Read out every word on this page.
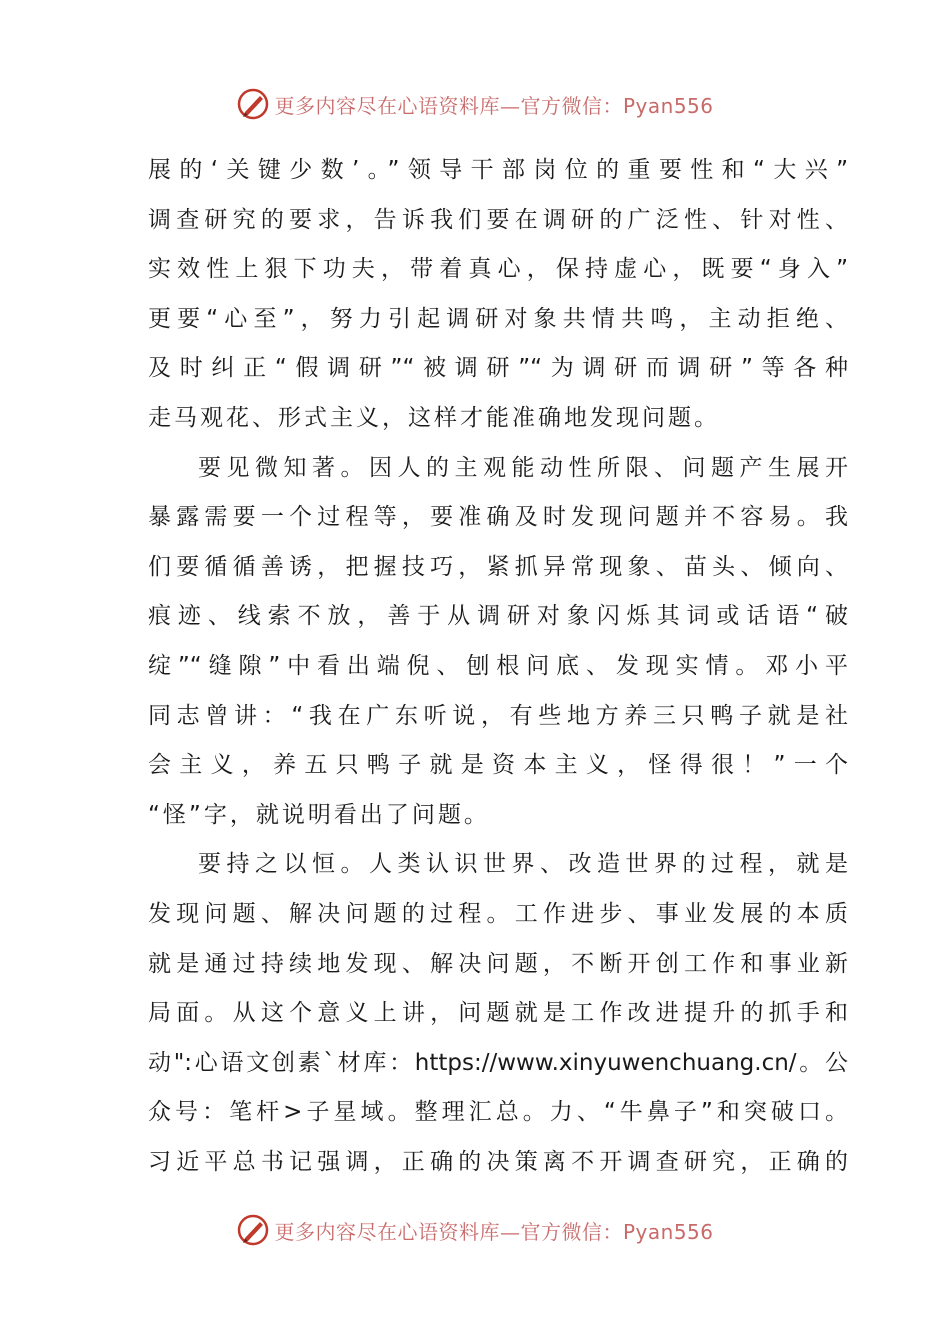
更多内容尽在心语资料库—官方微信：Pyan556
展的‘关键少数’。”领导干部岗位的重要性和“大兴”
调查研究的要求，告诉我们要在调研的广泛性、针对性、
实效性上狠下功夫，带着真心，保持虚心，既要“身入”
更要“心至”，努力引起调研对象共情共鸣，主动拒绝、
及时纠正“假调研”“被调研”“为调研而调研”等各种
走马观花、形式主义，这样才能准确地发现问题。
要见微知著。因人的主观能动性所限、问题产生展开
暴露需要一个过程等，要准确及时发现问题并不容易。我
们要循循善诱，把握技巧，紧抓异常现象、苗头、倾向、
痕迹、线索不放，善于从调研对象闪烁其词或话语“破
绽”“缝隙”中看出端倪、刨根问底、发现实情。邓小平
同志曾讲：“我在广东听说，有些地方养三只鸭子就是社
会主义，养五只鸭子就是资本主义，怪得很！”一个
“怪”字，就说明看出了问题。
要持之以恒。人类认识世界、改造世界的过程，就是
发现问题、解决问题的过程。工作进步、事业发展的本质
就是通过持续地发现、解决问题，不断开创工作和事业新
局面。从这个意义上讲，问题就是工作改进提升的抓手和
动":心语文创素`材库：https://www.xinyuwenchuang.cn/。公
众号：笔杆>子星域。整理汇总。力、“牛鼻子”和突破口。
习近平总书记强调，正确的决策离不开调查研究，正确的
更多内容尽在心语资料库—官方微信：Pyan556
